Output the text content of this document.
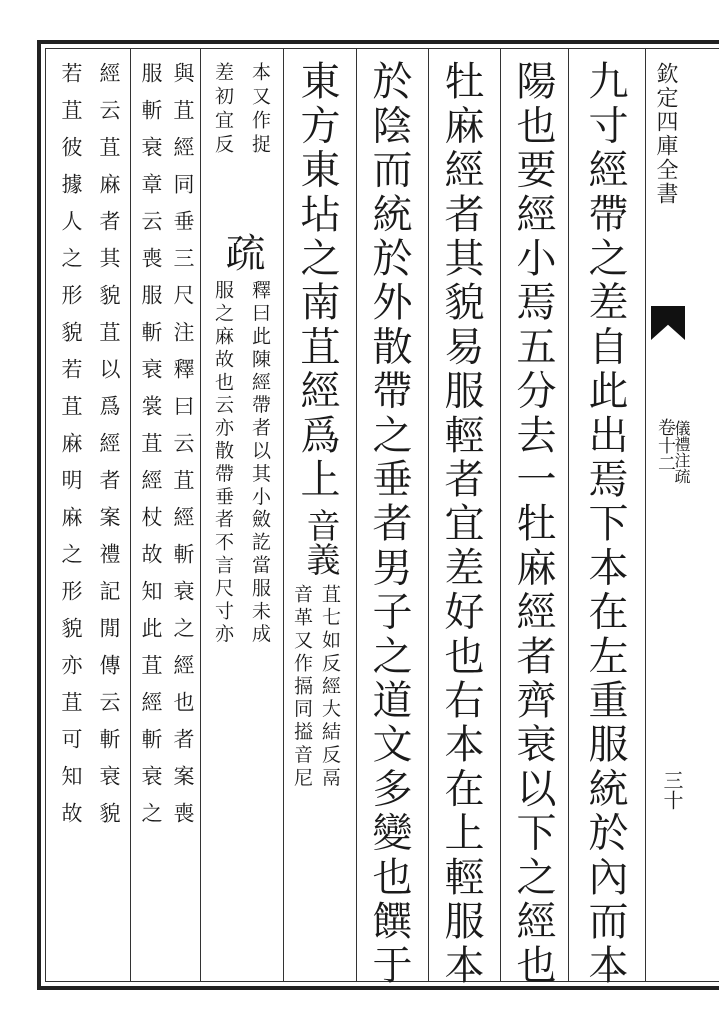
欽定四庫全書
卷十二
儀禮注疏
三十
九寸經帶之差自此出焉下本在左重服統於內而本
陽也要經小焉五分去一牡麻經者齊衰以下之經也
牡麻經者其貌易服輕者宜差好也右本在上輕服本
於陰而統於外散帶之垂者男子之道文多變也饌于
東方東坫之南苴經爲上
音義
苴七如反經大結反鬲
音革又作搹同搤音尼
本又作捉
差初宜反
疏
釋曰此陳經帶者以其小斂訖當服未成
服之麻故也云亦散帶垂者不言尺寸亦
與苴經同垂三尺注釋曰云苴經斬衰之經也者案喪
服斬衰章云喪服斬衰裳苴經杖故知此苴經斬衰之
經云苴麻者其貌苴以爲經者案禮記閒傳云斬衰貌
若苴彼據人之形貌若苴麻明麻之形貌亦苴可知故
